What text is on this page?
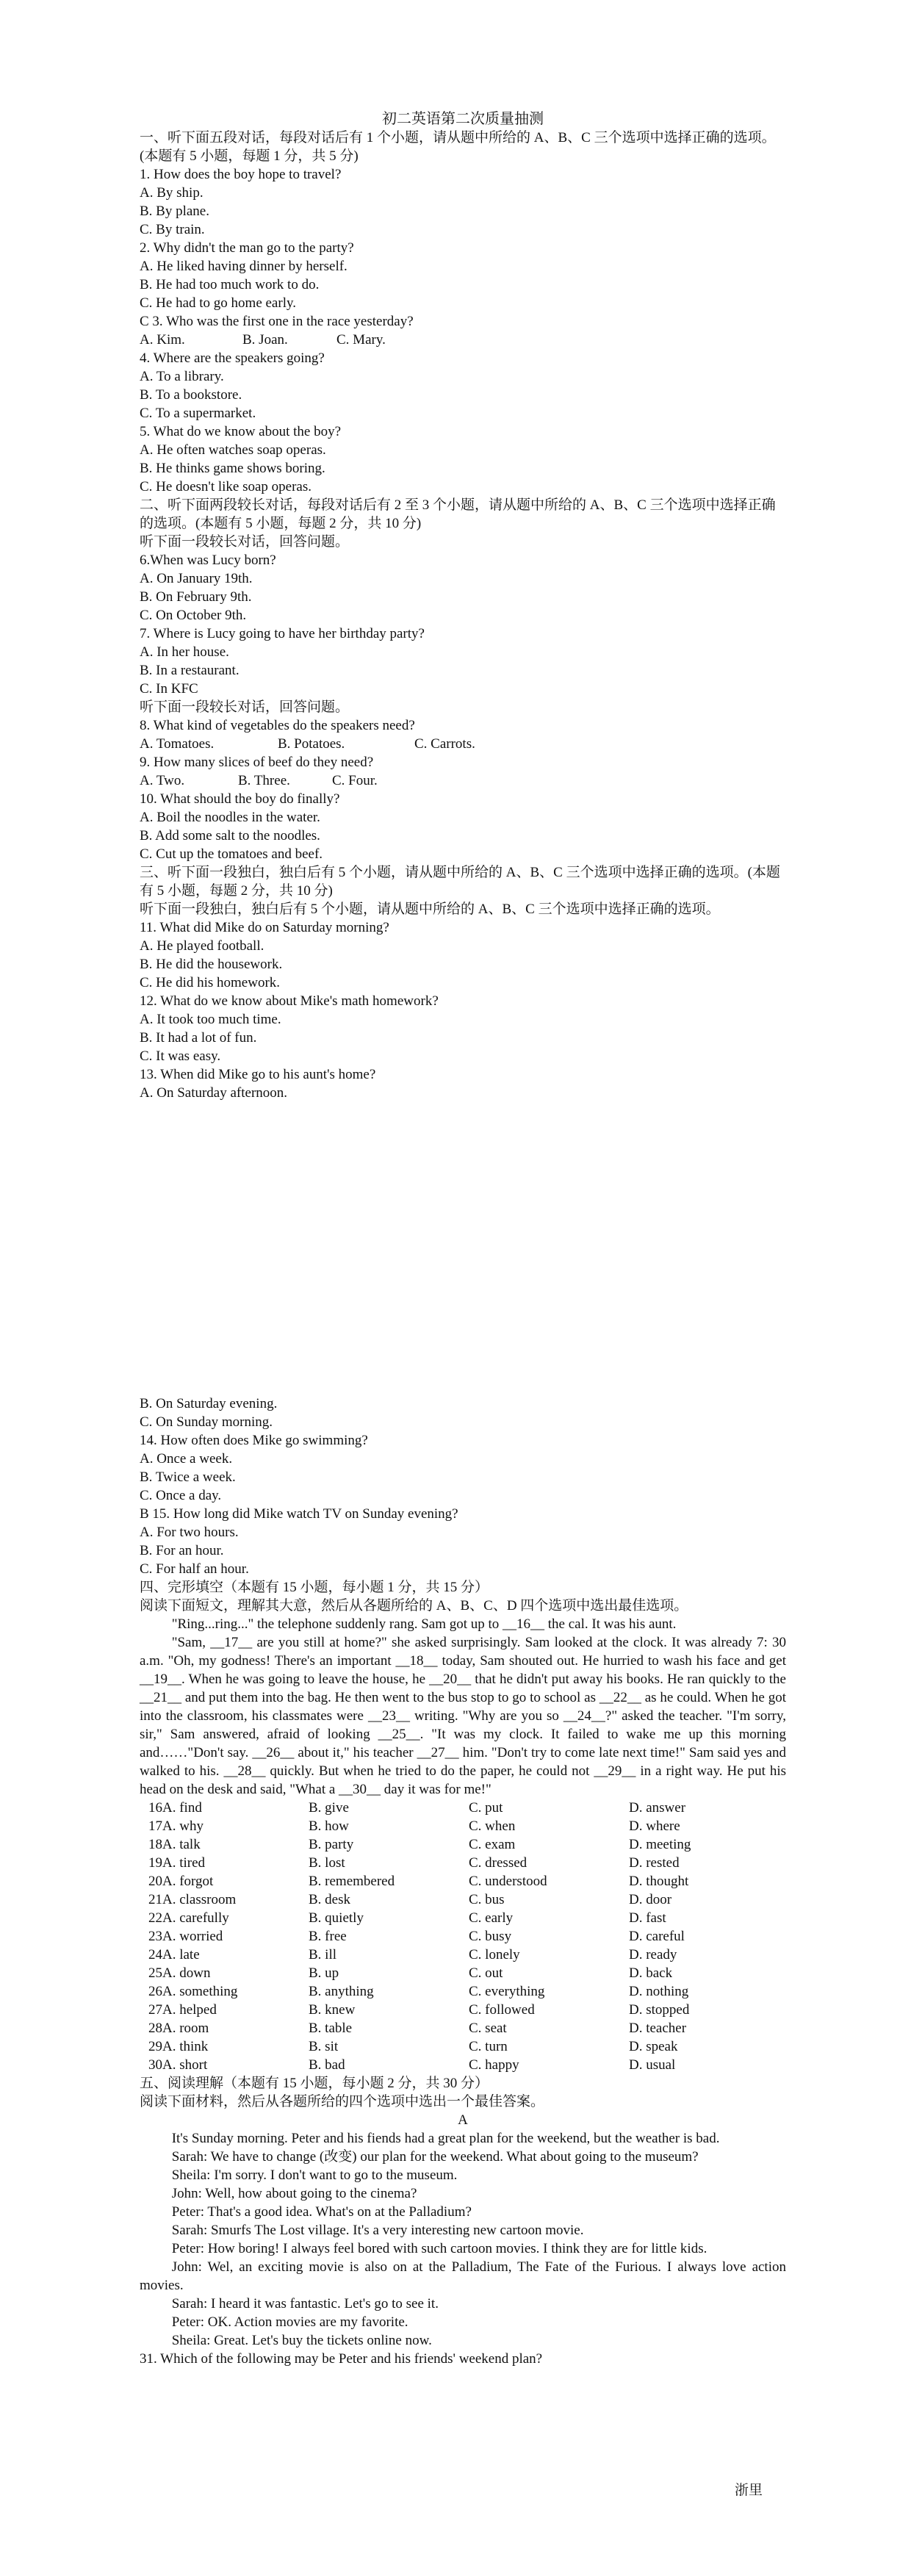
初二英语第二次质量抽测
一、听下面五段对话，每段对话后有 1 个小题，请从题中所给的 A、B、C 三个选项中选择正确的选项。(本题有 5 小题，每题 1 分，共 5 分)
1. How does the boy hope to travel?
A. By ship.
B. By plane.
C. By train.
2. Why didn't the man go to the party?
A. He liked having dinner by herself.
B. He had too much work to do.
C. He had to go home early.
C 3. Who was the first one in the race yesterday?
A. Kim.	B. Joan.	C. Mary.
4. Where are the speakers going?
A. To a library.
B. To a bookstore.
C. To a supermarket.
5. What do we know about the boy?
A. He often watches soap operas.
B. He thinks game shows boring.
C. He doesn't like soap operas.
二、听下面两段较长对话，每段对话后有 2 至 3 个小题，请从题中所给的 A、B、C 三个选项中选择正确的选项。(本题有 5 小题，每题 2 分，共 10 分)
听下面一段较长对话，回答问题。
6.When was Lucy born?
A. On January 19th.
B. On February 9th.
C. On October 9th.
7. Where is Lucy going to have her birthday party?
A. In her house.
B. In a restaurant.
C. In KFC
听下面一段较长对话，回答问题。
8. What kind of vegetables do the speakers need?
A. Tomatoes.	B. Potatoes.	C. Carrots.
9. How many slices of beef do they need?
A. Two.	B. Three.	C. Four.
10. What should the boy do finally?
A. Boil the noodles in the water.
B. Add some salt to the noodles.
C. Cut up the tomatoes and beef.
三、听下面一段独白，独白后有 5 个小题，请从题中所给的 A、B、C 三个选项中选择正确的选项。(本题有 5 小题，每题 2 分，共 10 分)
听下面一段独白，独白后有 5 个小题，请从题中所给的 A、B、C 三个选项中选择正确的选项。
11. What did Mike do on Saturday morning?
A. He played football.
B. He did the housework.
C. He did his homework.
12. What do we know about Mike's math homework?
A. It took too much time.
B. It had a lot of fun.
C. It was easy.
13. When did Mike go to his aunt's home?
A. On Saturday afternoon.
B. On Saturday evening.
C. On Sunday morning.
14. How often does Mike go swimming?
A. Once a week.
B. Twice a week.
C. Once a day.
B 15. How long did Mike watch TV on Sunday evening?
A. For two hours.
B. For an hour.
C. For half an hour.
四、完形填空（本题有 15 小题，每小题 1 分，共 15 分）
阅读下面短文，理解其大意，然后从各题所给的 A、B、C、D 四个选项中选出最佳选项。
"Ring...ring..." the telephone suddenly rang. Sam got up to __16__ the cal. It was his aunt.
"Sam, __17__ are you still at home?" she asked surprisingly. Sam looked at the clock. It was already 7: 30 a.m. "Oh, my godness! There's an important __18__ today, Sam shouted out. He hurried to wash his face and get __19__. When he was going to leave the house, he __20__ that he didn't put away his books. He ran quickly to the __21__ and put them into the bag. He then went to the bus stop to go to school as __22__ as he could. When he got into the classroom, his classmates were __23__ writing. "Why are you so __24__?" asked the teacher. "I'm sorry, sir," Sam answered, afraid of looking __25__. "It was my clock. It failed to wake me up this morning and……"Don't say. __26__ about it," his teacher __27__ him. "Don't try to come late next time!" Sam said yes and walked to his. __28__ quickly. But when he tried to do the paper, he could not __29__ in a right way. He put his head on the desk and said, "What a __30__ day it was for me!"
16A. find	B. give	C. put	D. answer
17A. why	B. how	C. when	D. where
18A. talk	B. party	C. exam	D. meeting
19A. tired	B. lost	C. dressed	D. rested
20A. forgot	B. remembered	C. understood	D. thought
21A. classroom	B. desk	C. bus	D. door
22A. carefully	B. quietly	C. early	D. fast
23A. worried	B. free	C. busy	D. careful
24A. late	B. ill	C. lonely	D. ready
25A. down	B. up	C. out	D. back
26A. something	B. anything	C. everything	D. nothing
27A. helped	B. knew	C. followed	D. stopped
28A. room	B. table	C. seat	D. teacher
29A. think	B. sit	C. turn	D. speak
30A. short	B. bad	C. happy	D. usual
五、阅读理解（本题有 15 小题，每小题 2 分，共 30 分）
阅读下面材料，然后从各题所给的四个选项中选出一个最佳答案。
A
It's Sunday morning. Peter and his fiends had a great plan for the weekend, but the weather is bad.
Sarah: We have to change (改变) our plan for the weekend. What about going to the museum?
Sheila: I'm sorry. I don't want to go to the museum.
John: Well, how about going to the cinema?
Peter: That's a good idea. What's on at the Palladium?
Sarah: Smurfs The Lost village. It's a very interesting new cartoon movie.
Peter: How boring! I always feel bored with such cartoon movies. I think they are for little kids.
John: Wel, an exciting movie is also on at the Palladium, The Fate of the Furious. I always love action movies.
Sarah: I heard it was fantastic. Let's go to see it.
Peter: OK. Action movies are my favorite.
Sheila: Great. Let's buy the tickets online now.
31. Which of the following may be Peter and his friends' weekend plan?
浙里
